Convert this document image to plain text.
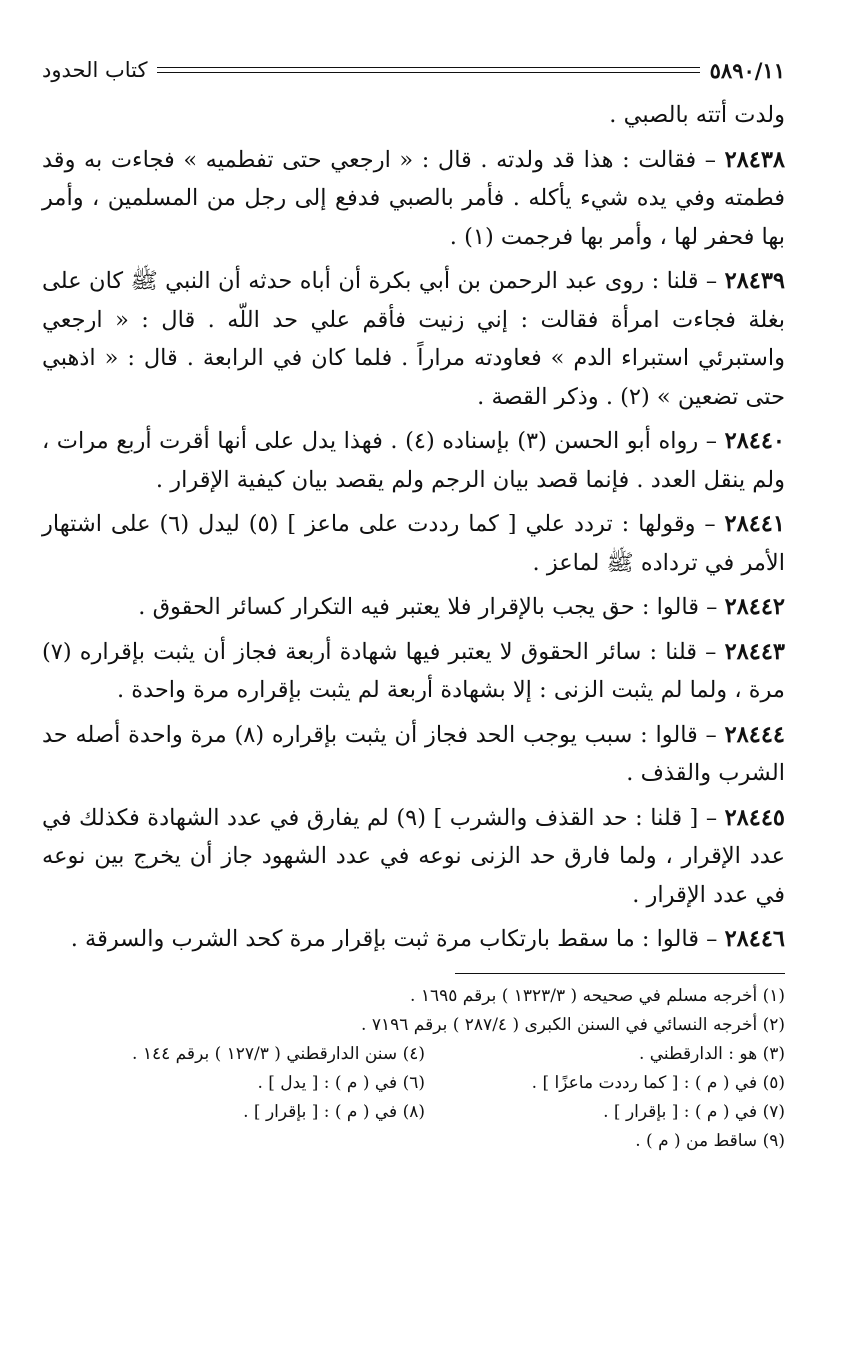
٥٨٩٠/١١
كتاب الحدود

ولدت أتته بالصبي .

٢٨٤٣٨ – فقالت : هذا قد ولدته . قال : « ارجعي حتى تفطميه » فجاءت به وقد فطمته وفي يده شيء يأكله . فأمر بالصبي فدفع إلى رجل من المسلمين ، وأمر بها فحفر لها ، وأمر بها فرجمت (١) .

٢٨٤٣٩ – قلنا : روى عبد الرحمن بن أبي بكرة أن أباه حدثه أن النبي ﷺ كان على بغلة فجاءت امرأة فقالت : إني زنيت فأقم علي حد اللّه . قال : « ارجعي واستبرئي استبراء الدم » فعاودته مراراً . فلما كان في الرابعة . قال : « اذهبي حتى تضعين » (٢) . وذكر القصة .

٢٨٤٤٠ – رواه أبو الحسن (٣) بإسناده (٤) . فهذا يدل على أنها أقرت أربع مرات ، ولم ينقل العدد . فإنما قصد بيان الرجم ولم يقصد بيان كيفية الإقرار .

٢٨٤٤١ – وقولها : تردد علي [ كما رددت على ماعز ] (٥) ليدل (٦) على اشتهار الأمر في ترداده ﷺ لماعز .

٢٨٤٤٢ – قالوا : حق يجب بالإقرار فلا يعتبر فيه التكرار كسائر الحقوق .

٢٨٤٤٣ – قلنا : سائر الحقوق لا يعتبر فيها شهادة أربعة فجاز أن يثبت بإقراره (٧) مرة ، ولما لم يثبت الزنى : إلا بشهادة أربعة لم يثبت بإقراره مرة واحدة .

٢٨٤٤٤ – قالوا : سبب يوجب الحد فجاز أن يثبت بإقراره (٨) مرة واحدة أصله حد الشرب والقذف .

٢٨٤٤٥ – [ قلنا : حد القذف والشرب ] (٩) لم يفارق في عدد الشهادة فكذلك في عدد الإقرار ، ولما فارق حد الزنى نوعه في عدد الشهود جاز أن يخرج بين نوعه في عدد الإقرار .

٢٨٤٤٦ – قالوا : ما سقط بارتكاب مرة ثبت بإقرار مرة كحد الشرب والسرقة .

(١) أخرجه مسلم في صحيحه ( ١٣٢٣/٣ ) برقم ١٦٩٥ .
(٢) أخرجه النسائي في السنن الكبرى ( ٢٨٧/٤ ) برقم ٧١٩٦ .
(٣) هو : الدارقطني .
(٤) سنن الدارقطني ( ١٢٧/٣ ) برقم ١٤٤ .
(٥) في ( م ) : [ كما رددت ماعزًا ] .
(٦) في ( م ) : [ يدل ] .
(٧) في ( م ) : [ بإقرار ] .
(٨) في ( م ) : [ بإقرار ] .
(٩) ساقط من ( م ) .
